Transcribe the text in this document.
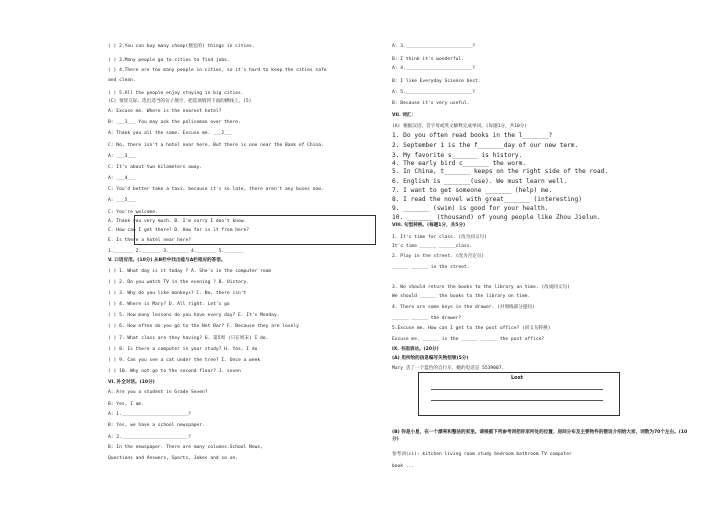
( ) 2.You can buy many cheap(便宜的) things in cities.
( ) 3.Many people go to cities to find jobs.
( ) 4.There are too many people in cities, so it's hard to keep the cities safe
and clean.
( ) 5.All the people enjoy staying in big cities.
(C) 情景交际。选出适当的句子填空，把选项填到下面的横线上。(5)
A: Excuse me. Where is the nearest hotel?
B: ___1___ You may ask the policeman over there.
A: Thank you all the same. Excuse me. ___2___
C: No, there isn't a hotel near here. But there is one near the Bank of China.
A: ___3___
C: It's about two kilometers away.
A: ___4___
C: You'd better take a taxi, because it's so late, there aren't any buses now.
A: ___5___
C: You're welcome.
A. Thank you very much. B. I'm sorry I don't know.
C. How can I get there? D. How far is it from here?
E. Is there a hotel near here?
1._______ 2._______ 3._______ 4._______ 5._______
V. 口语应用。(10分) 从B栏中找出能与A栏相应的答语。
( ) 1. What day is it today ? A. She's in the computer room
( ) 2. Do you watch TV in the evening ? B. History.
( ) 3. Why do you like monkeys? C. No, there isn't
( ) 4. Where is Mary? D. All right. Let's go
( ) 5. How many lessons do you have every day? E. It's Monday.
( ) 6. How often do you go to the Net Bar? F. Because they are lovely
( ) 7. What class are they having? G. 第5周 (只在周末) I do.
( ) 8. Is there a computer in your study? H. Yes, I do
( ) 9. Can you see a cat under the tree? I. Once a week
( ) 10. Why not go to the second floor? J. seven
VI. 补全对话。(10分)
A: Are you a student in Grade Seven?
B: Yes, I am.
A: 1.________________________?
B: Yes, we have a school newspaper.
A: 2.________________________?
B: In the newspaper. There are many columns.School News,
Questions and Answers, Sports, Jokes and so on.
A: 3.________________________?
B: I think it's wonderful.
A: 4.________________________?
B: I like Everyday Science best.
A: 5.________________________?
B: Because it's very useful.
VII. 词汇：
(A) 根据汉语、首字母或英文解释完成单词。(每题1分，共10分)
1. Do you often read books in the l_______?
2. September 1 is the f_______day of our new term.
3. My favorite s_______ is history.
4. The early bird c_______ the worm.
5. In China, t_______ keeps on the right side of the road.
6. English is _______(use). We must learn well.
7. I want to get someone _______ (help) me.
8. I read the novel with great_______ (interesting)
9. _______ (swim) is good for your health.
10. _______ (thousand) of young people like Zhou Jielun.
VIII. 句型转换。(每题1分，共5分)
1. It's time for class. (改为同义句)
It's time ______ ______class.
2. Play in the street. (改为否定句)
______ ______ in the street.
3. We should return the books to the library on time. (改成同义句)
We should ______ the books to the library on time.
4. There are some keys in the drawer. (对划线部分提问)
______ ______ the drawer?
5.Excuse me. How can I get to the post office? (同义句转换)
Excuse me. ______ is the ______ ______ the post office?
IX. 书面表达。(20分)
(A) 用所给的信息编写失物招领(5分)
Mary 丢了一个蓝色的自行车，她的电话是 5539007.
(B) 你是小星，在一个漂亮和整洁的家里。请根据下列参考词把你家所处的位置、房间分布及主要物件的摆设介绍给大家，词数为70个左右。(10分)
参考词(ci): kitchen living room study bedroom bathroom TV computer
book ...
Lost
